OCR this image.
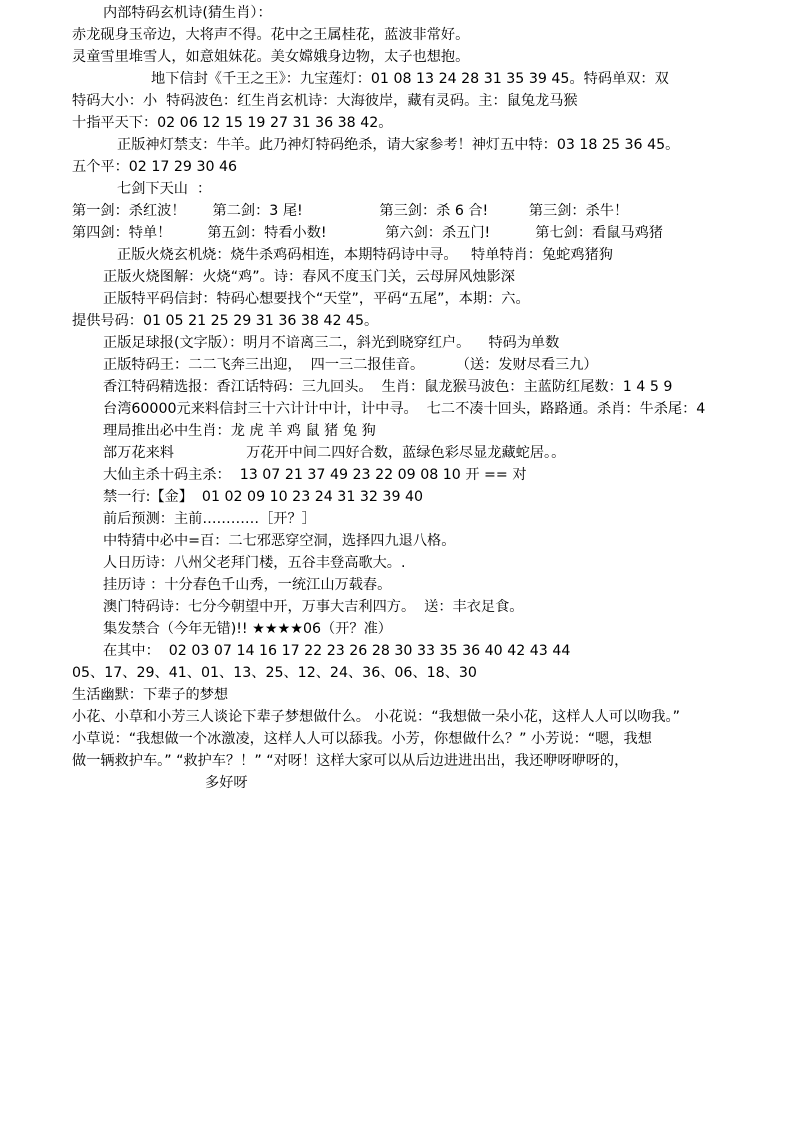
内部特码玄机诗(猜生肖）：
赤龙砚身玉帝边，大将声不得。花中之王属桂花，蓝波非常好。
灵童雪里堆雪人，如意姐妹花。美女嫦娥身边物，太子也想抱。
地下信封《千王之王》：九宝莲灯：01 08 13 24 28 31 35 39 45。特码单双：双
特码大小：小  特码波色：红生肖玄机诗：大海彼岸，藏有灵码。主：鼠兔龙马猴
十指平天下：02 06 12 15 19 27 31 36 38 42。
正版神灯禁支：牛羊。此乃神灯特码绝杀，请大家参考！神灯五中特：03 18 25 36 45。
五个平：02 17 29 30 46
七剑下天山  ：
第一剑：杀红波！      第二剑：3 尾!                 第三剑：杀 6 合!         第三剑：杀牛！
第四剑：特单！        第五剑：特看小数!             第六剑：杀五门!          第七剑：看鼠马鸡猪
正版火烧玄机烧：烧牛杀鸡码相连，本期特码诗中寻。   特单特肖：兔蛇鸡猪狗
正版火烧图解：火烧“鸡”。诗：春风不度玉门关，云母屏风烛影深
正版特平码信封：特码心想要找个“天堂”，平码“五尾”，本期：六。
提供号码：01 05 21 25 29 31 36 38 42 45。
正版足球报(文字版）：明月不谙离三二，斜光到晓穿红户。    特码为单数
正版特码王：二二飞奔三出迎，  四一三二报佳音。       （送：发财尽看三九）
香江特码精选报：香江话特码：三九回头。  生肖：鼠龙猴马波色：主蓝防红尾数：1 4 5 9
台湾60000元来料信封三十六计计中计，计中寻。  七二不凑十回头，路路通。杀肖：牛杀尾：4
理局推出必中生肖：龙 虎 羊 鸡 鼠 猪 兔 狗
部万花来料                万花开中间二四好合数，蓝绿色彩尽显龙藏蛇居。。
大仙主杀十码主杀：  13 07 21 37 49 23 22 09 08 10 开 == 对
禁一行:【金】  01 02 09 10 23 24 31 32 39 40
前后预测：主前…………［开？］
中特猜中必中=百：二七邪恶穿空洞，选择四九退八格。
人日历诗：八州父老拜门楼，五谷丰登高歌大。.
挂历诗 ：十分春色千山秀，一统江山万载春。
澳门特码诗：七分今朝望中开，万事大吉利四方。  送：丰衣足食。
集发禁合（今年无错)!! ★★★★06（开？准）
在其中：  02 03 07 14 16 17 22 23 26 28 30 33 35 36 40 42 43 44
05、17、29、41、01、13、25、12、24、36、06、18、30
生活幽默：下辈子的梦想
小花、小草和小芳三人谈论下辈子梦想做什么。 小花说：“我想做一朵小花，这样人人可以吻我。”
小草说：“我想做一个冰激凌，这样人人可以舔我。小芳，你想做什么？” 小芳说：“嗯，我想
做一辆救护车。” “救护车？！” “对呀！这样大家可以从后边进进出出，我还咿呀咿呀的，
多好呀
